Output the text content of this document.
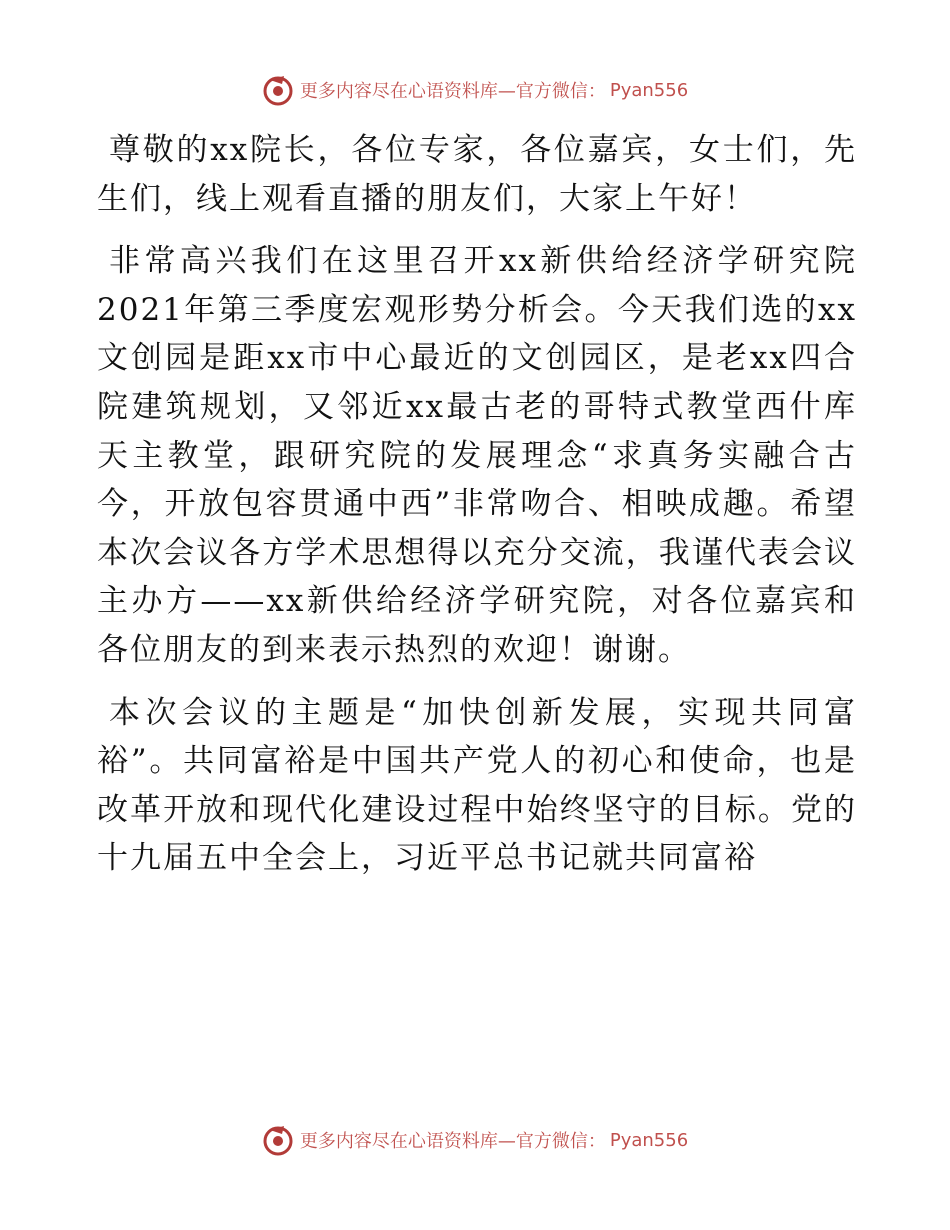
更多内容尽在心语资料库—官方微信： Pyan556

尊敬的xx院长，各位专家，各位嘉宾，女士们，先生们，线上观看直播的朋友们，大家上午好！

非常高兴我们在这里召开xx新供给经济学研究院2021年第三季度宏观形势分析会。今天我们选的xx文创园是距xx市中心最近的文创园区，是老xx四合院建筑规划，又邻近xx最古老的哥特式教堂西什库天主教堂，跟研究院的发展理念“求真务实融合古今，开放包容贯通中西”非常吻合、相映成趣。希望本次会议各方学术思想得以充分交流，我谨代表会议主办方——xx新供给经济学研究院，对各位嘉宾和各位朋友的到来表示热烈的欢迎！谢谢。

本次会议的主题是“加快创新发展，实现共同富裕”。共同富裕是中国共产党人的初心和使命，也是改革开放和现代化建设过程中始终坚守的目标。党的十九届五中全会上，习近平总书记就共同富裕

更多内容尽在心语资料库—官方微信： Pyan556
